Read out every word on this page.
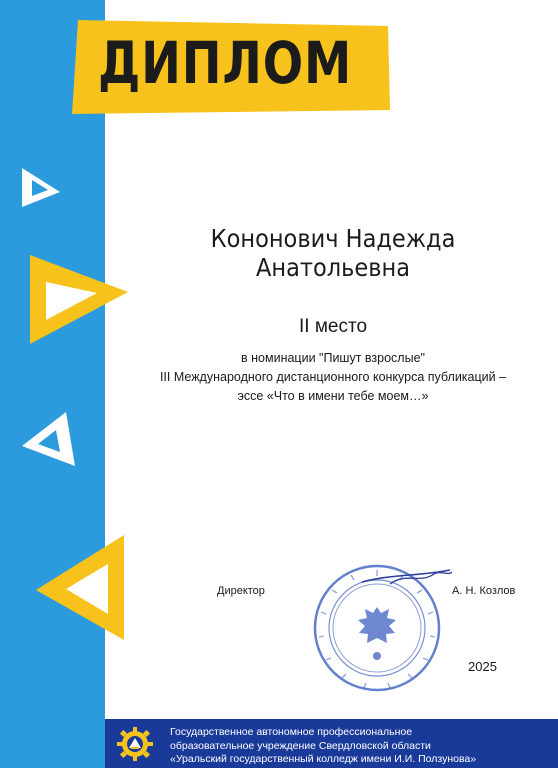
ДИПЛОМ
Кононович Надежда Анатольевна
II место
в номинации "Пишут взрослые"
III Международного дистанционного конкурса публикаций –
эссе «Что в имени тебе моем…»
Директор	А. Н. Козлов
2025
Государственное автономное профессиональное
образовательное учреждение Свердловской области
«Уральский государственный колледж имени И.И. Ползунова»
